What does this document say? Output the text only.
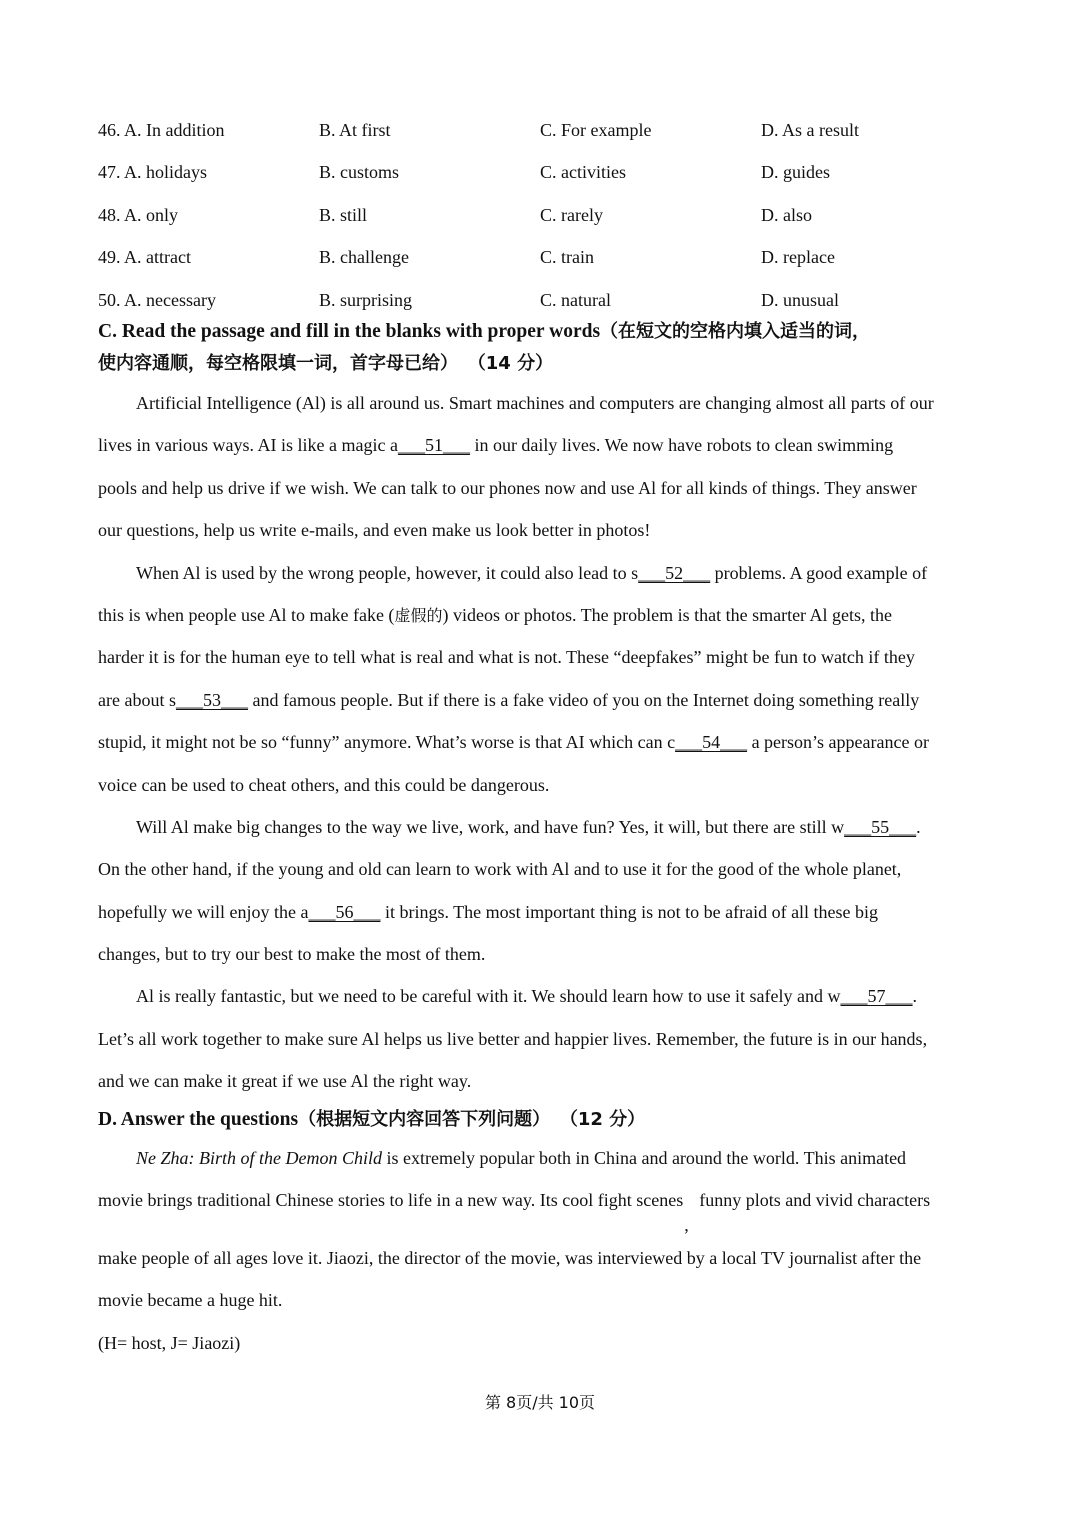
46. A. In addition	B. At first	C. For example	D. As a result
47. A. holidays	B. customs	C. activities	D. guides
48. A. only	B. still	C. rarely	D. also
49. A. attract	B. challenge	C. train	D. replace
50. A. necessary	B. surprising	C. natural	D. unusual
C. Read the passage and fill in the blanks with proper words（在短文的空格内填入适当的词，
使内容通顺，每空格限填一词，首字母已给） （14 分）
Artificial Intelligence (Al) is all around us. Smart machines and computers are changing almost all parts of our
lives in various ways. AI is like a magic a___51___ in our daily lives. We now have robots to clean swimming
pools and help us drive if we wish. We can talk to our phones now and use Al for all kinds of things. They answer
our questions, help us write e-mails, and even make us look better in photos!
When Al is used by the wrong people, however, it could also lead to s___52___ problems. A good example of
this is when people use Al to make fake (虚假的) videos or photos. The problem is that the smarter Al gets, the
harder it is for the human eye to tell what is real and what is not. These “deepfakes” might be fun to watch if they
are about s___53___ and famous people. But if there is a fake video of you on the Internet doing something really
stupid, it might not be so “funny” anymore. What’s worse is that AI which can c___54___ a person’s appearance or
voice can be used to cheat others, and this could be dangerous.
Will Al make big changes to the way we live, work, and have fun? Yes, it will, but there are still w___55___.
On the other hand, if the young and old can learn to work with Al and to use it for the good of the whole planet,
hopefully we will enjoy the a___56___ it brings. The most important thing is not to be afraid of all these big
changes, but to try our best to make the most of them.
Al is really fantastic, but we need to be careful with it. We should learn how to use it safely and w___57___.
Let’s all work together to make sure Al helps us live better and happier lives. Remember, the future is in our hands,
and we can make it great if we use Al the right way.
D. Answer the questions（根据短文内容回答下列问题） （12 分）
Ne Zha: Birth of the Demon Child is extremely popular both in China and around the world. This animated
movie brings traditional Chinese stories to life in a new way. Its cool fight scenes
,
funny plots and vivid characters
make people of all ages love it. Jiaozi, the director of the movie, was interviewed by a local TV journalist after the
movie became a huge hit.
(H= host, J= Jiaozi)
第 8页/共 10页
